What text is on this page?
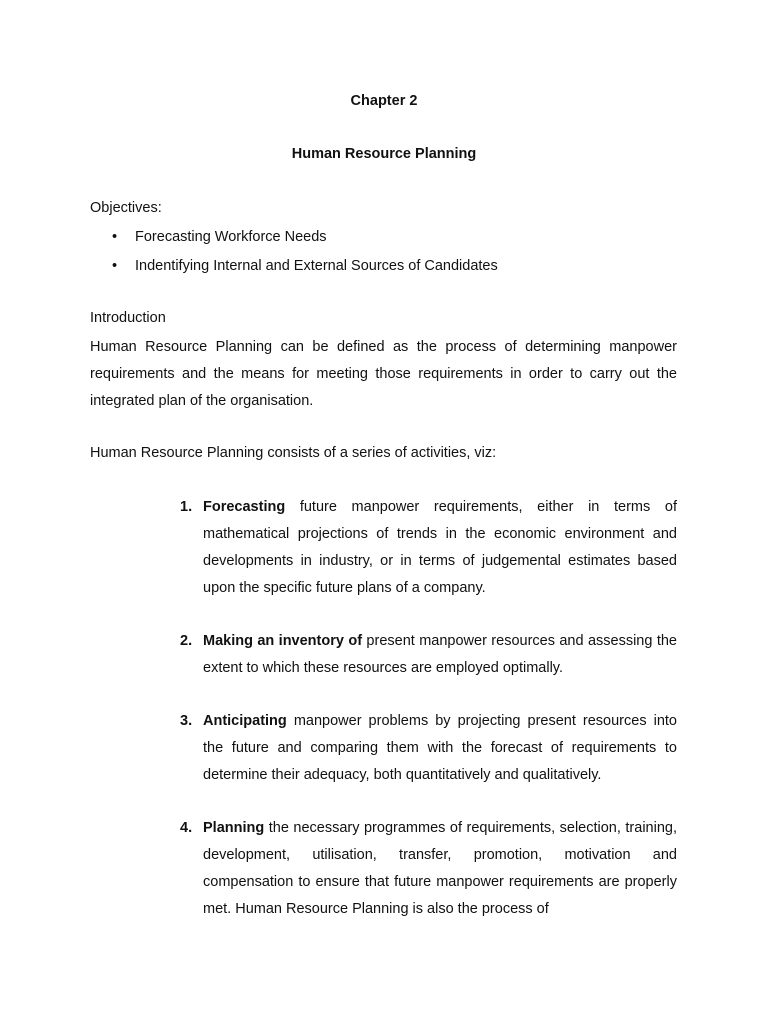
Chapter 2
Human Resource Planning
Objectives:
• Forecasting Workforce Needs
• Indentifying Internal and External Sources of Candidates
Introduction

Human Resource Planning can be defined as the process of determining manpower requirements and the means for meeting those requirements in order to carry out the integrated plan of the organisation.

Human Resource Planning consists of a series of activities, viz:

1. Forecasting future manpower requirements, either in terms of mathematical projections of trends in the economic environment and developments in industry, or in terms of judgemental estimates based upon the specific future plans of a company.
2. Making an inventory of present manpower resources and assessing the extent to which these resources are employed optimally.
3. Anticipating manpower problems by projecting present resources into the future and comparing them with the forecast of requirements to determine their adequacy, both quantitatively and qualitatively.
4. Planning the necessary programmes of requirements, selection, training, development, utilisation, transfer, promotion, motivation and compensation to ensure that future manpower requirements are properly met. Human Resource Planning is also the process of
